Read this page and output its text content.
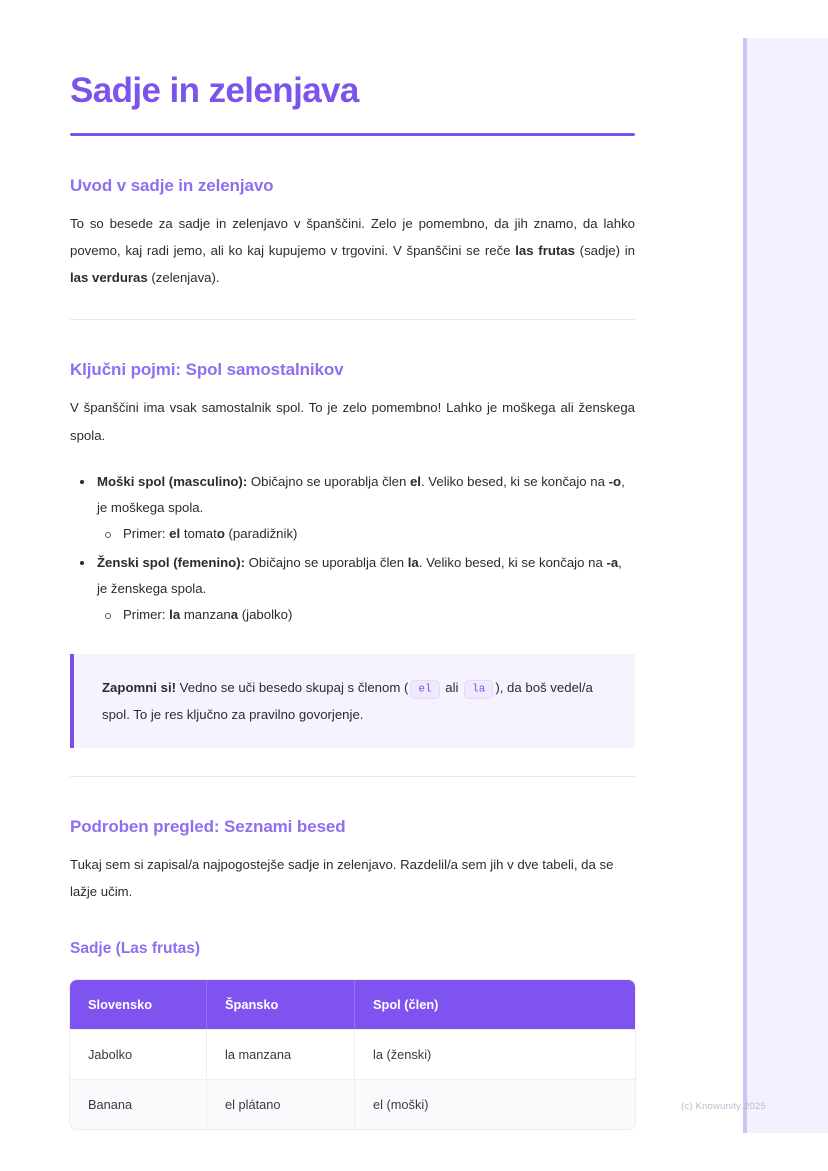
(c) Knowunity 2025
Sadje in zelenjava
Uvod v sadje in zelenjavo

To so besede za sadje in zelenjavo v španščini. Zelo je pomembno, da jih znamo, da lahko povemo, kaj radi jemo, ali ko kaj kupujemo v trgovini. V španščini se reče las frutas (sadje) in las verduras (zelenjava).

Ključni pojmi: Spol samostalnikov

V španščini ima vsak samostalnik spol. To je zelo pomembno! Lahko je moškega ali ženskega spola.

Moški spol (masculino): Običajno se uporablja člen el. Veliko besed, ki se končajo na -o, je moškega spola.
Primer: el tomato (paradižnik)
Ženski spol (femenino): Običajno se uporablja člen la. Veliko besed, ki se končajo na -a, je ženskega spola.
Primer: la manzana (jabolko)

Zapomni si! Vedno se uči besedo skupaj s členom ( el ali la ), da boš vedel/a spol. To je res ključno za pravilno govorjenje.

Podroben pregled: Seznami besed

Tukaj sem si zapisal/a najpogostejše sadje in zelenjavo. Razdelil/a sem jih v dve tabeli, da se lažje učim.

Sadje (Las frutas)
Slovensko	Špansko	Spol (člen)
Jabolko	la manzana	la (ženski)
Banana	el plátano	el (moški)
